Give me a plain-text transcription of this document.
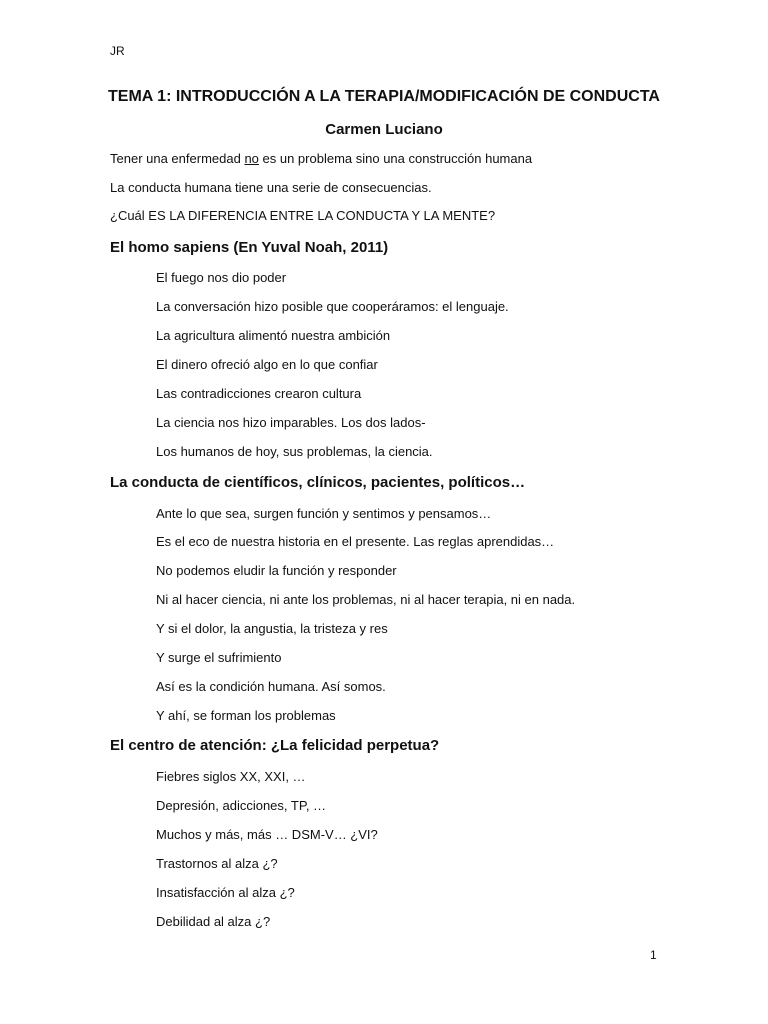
JR
TEMA 1: INTRODUCCIÓN A LA TERAPIA/MODIFICACIÓN DE CONDUCTA
Carmen Luciano
Tener una enfermedad no es un problema sino una construcción humana
La conducta humana tiene una serie de consecuencias.
¿Cuál ES LA DIFERENCIA ENTRE LA CONDUCTA Y LA MENTE?
El homo sapiens (En Yuval Noah, 2011)
El fuego nos dio poder
La conversación hizo posible que cooperáramos: el lenguaje.
La agricultura alimentó nuestra ambición
El dinero ofreció algo en lo que confiar
Las contradicciones crearon cultura
La ciencia nos hizo imparables. Los dos lados-
Los humanos de hoy, sus problemas, la ciencia.
La conducta de científicos, clínicos, pacientes, políticos…
Ante lo que sea, surgen función y sentimos y pensamos…
Es el eco de nuestra historia en el presente. Las reglas aprendidas…
No podemos eludir la función y responder
Ni al hacer ciencia, ni ante los problemas, ni al hacer terapia, ni en nada.
Y si el dolor, la angustia, la tristeza y res
Y surge el sufrimiento
Así es la condición humana. Así somos.
Y ahí, se forman los problemas
El centro de atención: ¿La felicidad perpetua?
Fiebres siglos XX, XXI, …
Depresión, adicciones, TP, …
Muchos y más, más … DSM-V… ¿VI?
Trastornos al alza ¿?
Insatisfacción al alza ¿?
Debilidad al alza ¿?
1
